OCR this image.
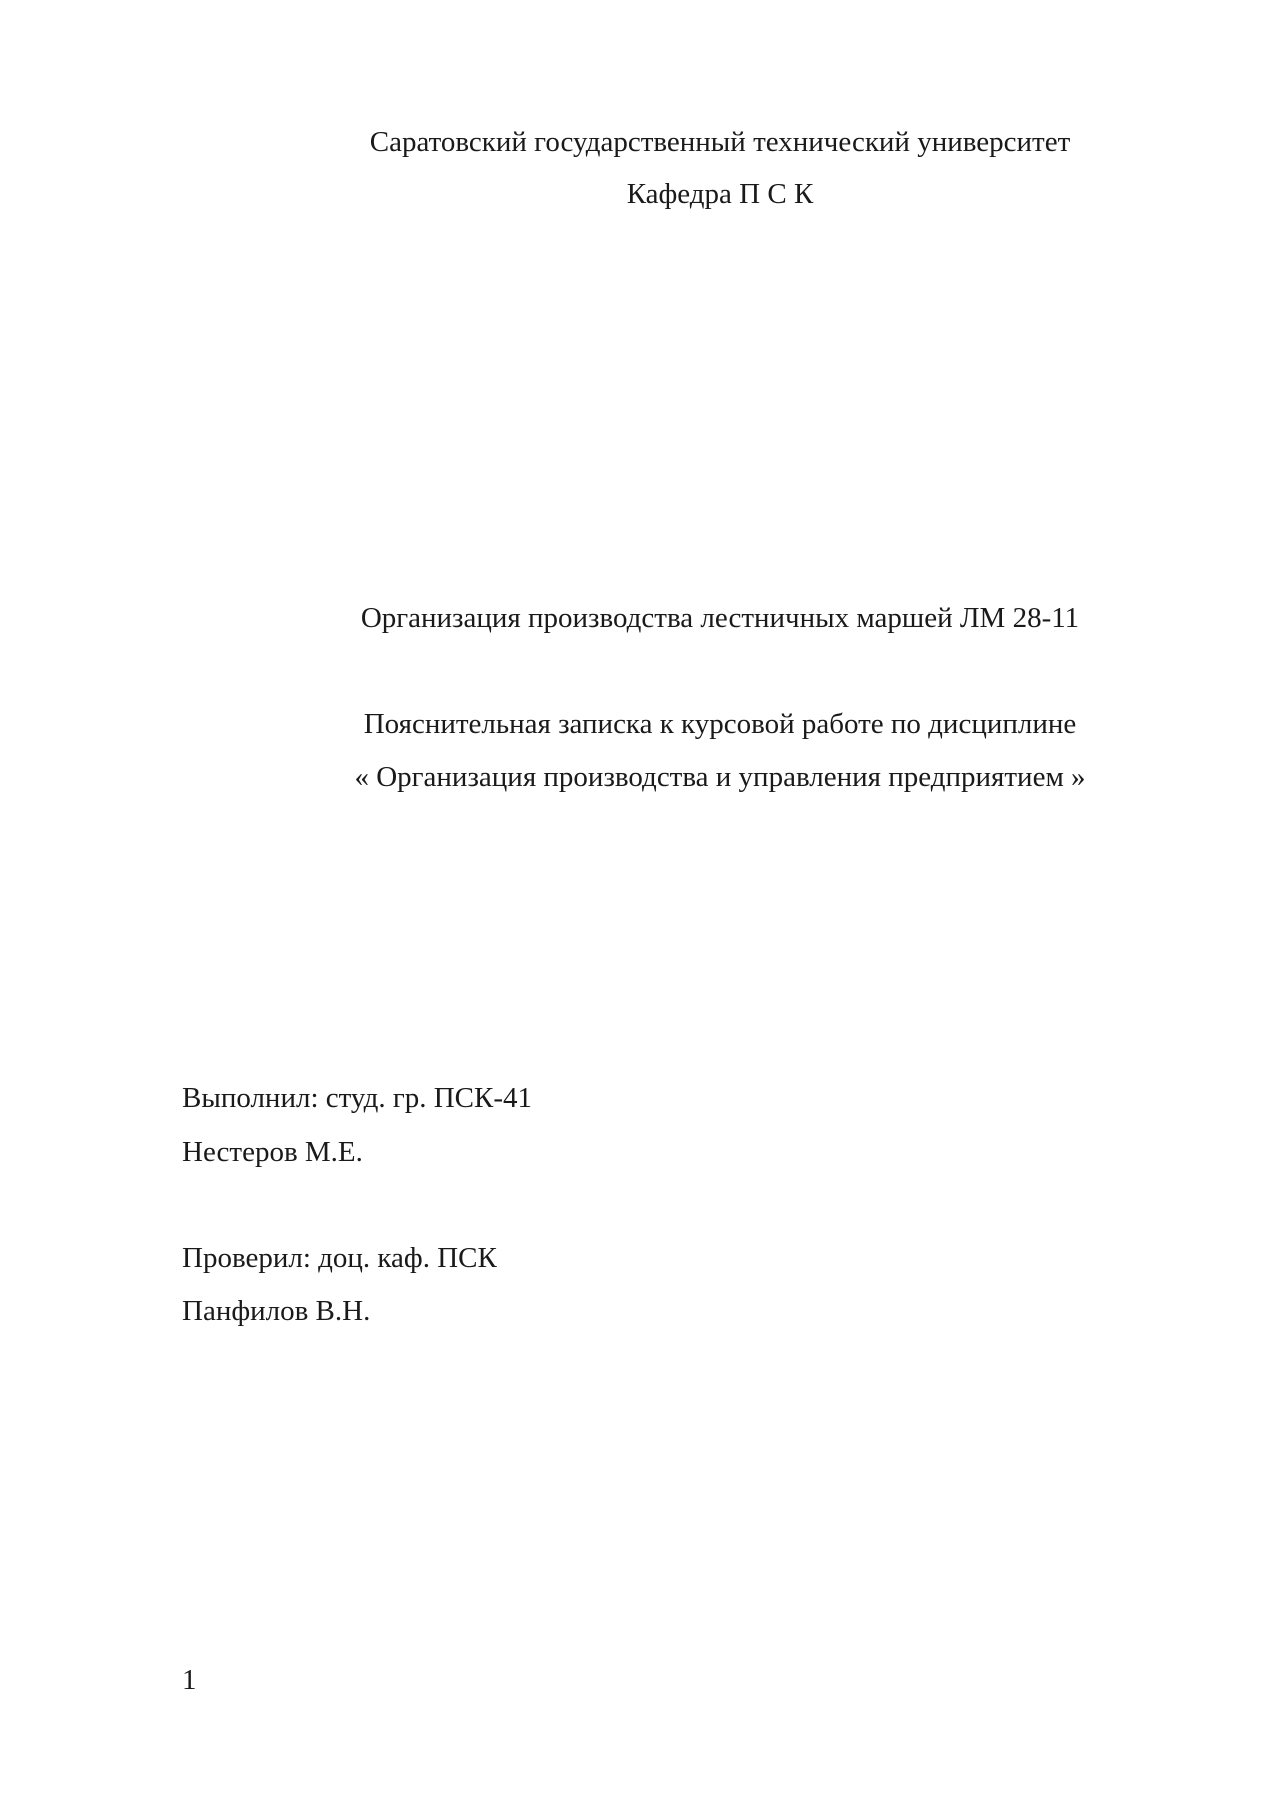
Саратовский государственный технический университет

Кафедра П С К

Организация производства лестничных маршей ЛМ 28-11

Пояснительная записка к курсовой работе по дисциплине

« Организация производства и управления предприятием »

Выполнил: студ. гр. ПСК-41

Нестеров М.Е.

Проверил: доц. каф. ПСК

Панфилов В.Н.

1
